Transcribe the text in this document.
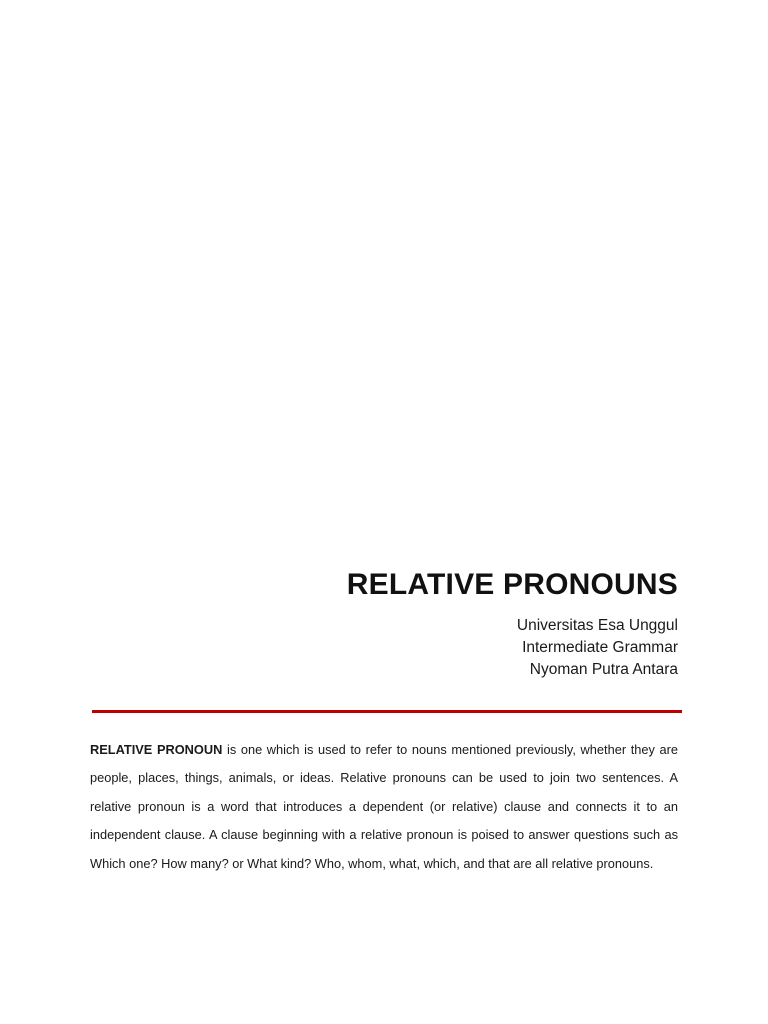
RELATIVE PRONOUNS
Universitas Esa Unggul
Intermediate Grammar
Nyoman Putra Antara

RELATIVE PRONOUN is one which is used to refer to nouns mentioned previously, whether they are people, places, things, animals, or ideas. Relative pronouns can be used to join two sentences. A relative pronoun is a word that introduces a dependent (or relative) clause and connects it to an independent clause. A clause beginning with a relative pronoun is poised to answer questions such as Which one? How many? or What kind? Who, whom, what, which, and that are all relative pronouns.
